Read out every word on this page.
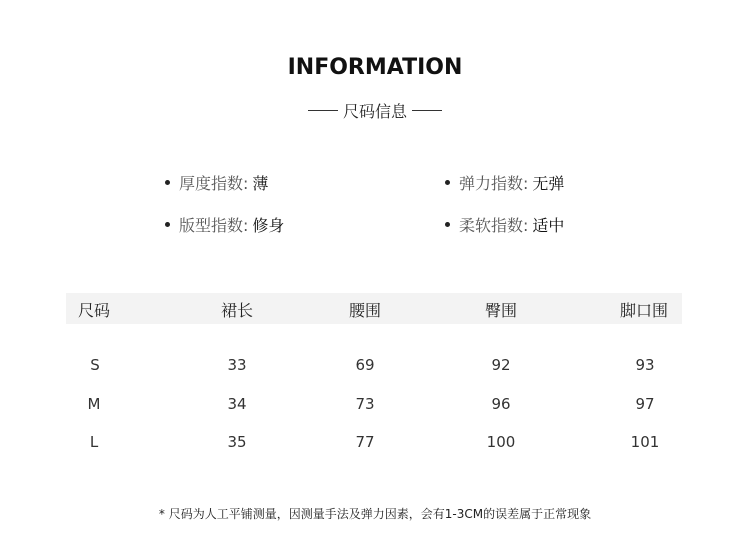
INFORMATION
尺码信息
厚度指数: 薄	弹力指数: 无弹
版型指数: 修身	柔软指数: 适中
尺码	裙长	腰围	臀围	脚口围
S	33	69	92	93
M	34	73	96	97
L	35	77	100	101
* 尺码为人工平铺测量，因测量手法及弹力因素，会有1-3CM的误差属于正常现象
